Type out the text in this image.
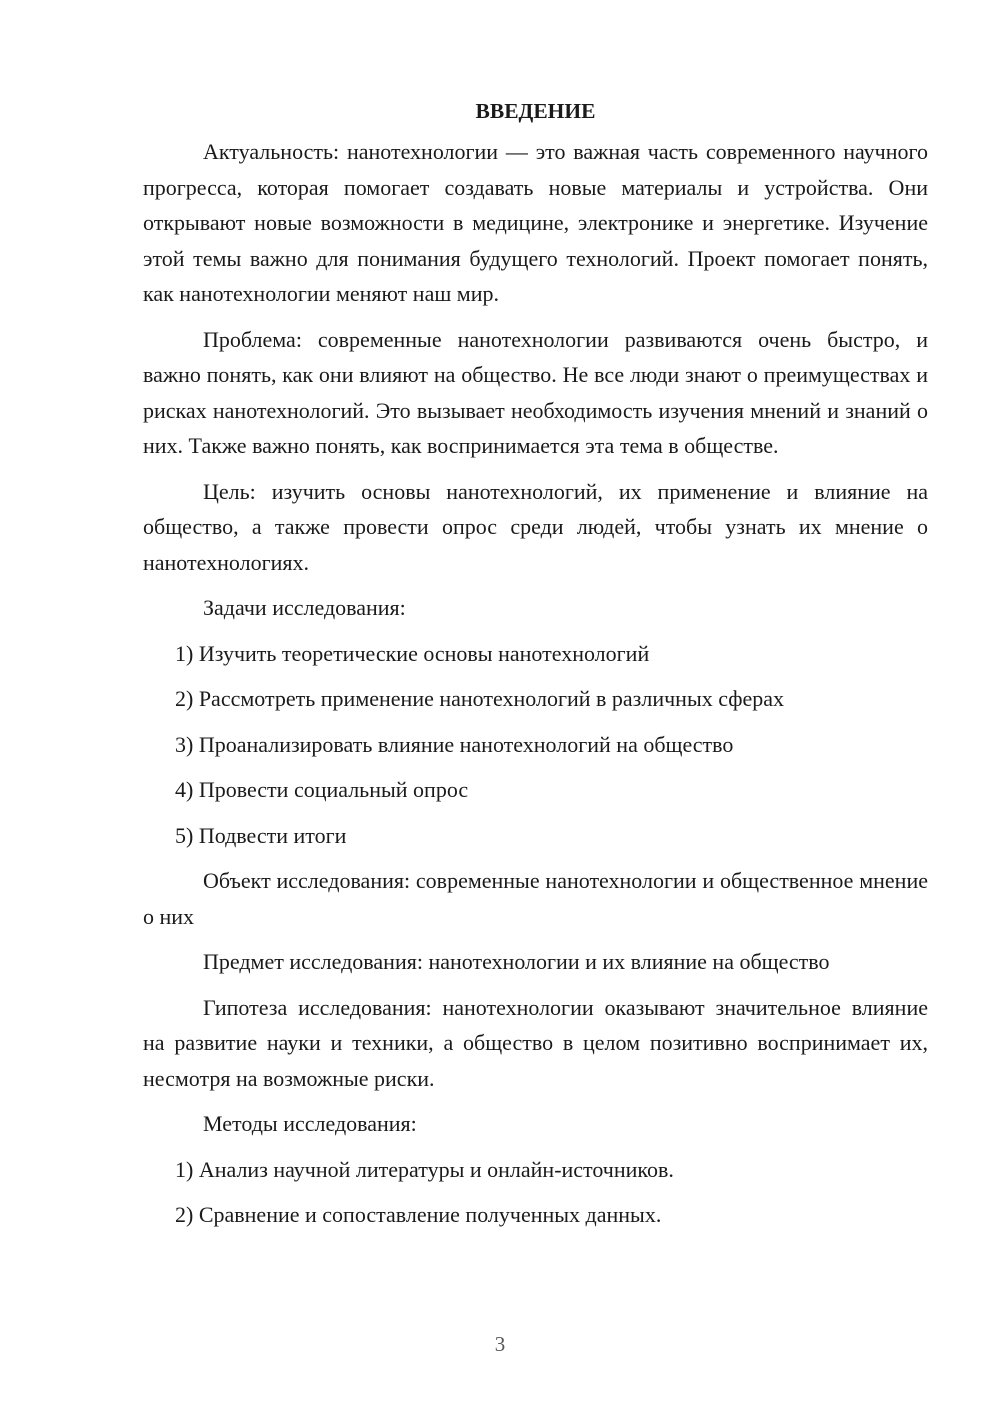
ВВЕДЕНИЕ

Актуальность: нанотехнологии — это важная часть современного научного прогресса, которая помогает создавать новые материалы и устройства. Они открывают новые возможности в медицине, электронике и энергетике. Изучение этой темы важно для понимания будущего технологий. Проект помогает понять, как нанотехнологии меняют наш мир.

Проблема: современные нанотехнологии развиваются очень быстро, и важно понять, как они влияют на общество. Не все люди знают о преимуществах и рисках нанотехнологий. Это вызывает необходимость изучения мнений и знаний о них. Также важно понять, как воспринимается эта тема в обществе.

Цель: изучить основы нанотехнологий, их применение и влияние на общество, а также провести опрос среди людей, чтобы узнать их мнение о нанотехнологиях.

Задачи исследования:

1) Изучить теоретические основы нанотехнологий

2) Рассмотреть применение нанотехнологий в различных сферах

3) Проанализировать влияние нанотехнологий на общество

4) Провести социальный опрос

5) Подвести итоги

Объект исследования: современные нанотехнологии и общественное мнение о них

Предмет исследования: нанотехнологии и их влияние на общество

Гипотеза исследования: нанотехнологии оказывают значительное влияние на развитие науки и техники, а общество в целом позитивно воспринимает их, несмотря на возможные риски.

Методы исследования:

1) Анализ научной литературы и онлайн-источников.

2) Сравнение и сопоставление полученных данных.

3
